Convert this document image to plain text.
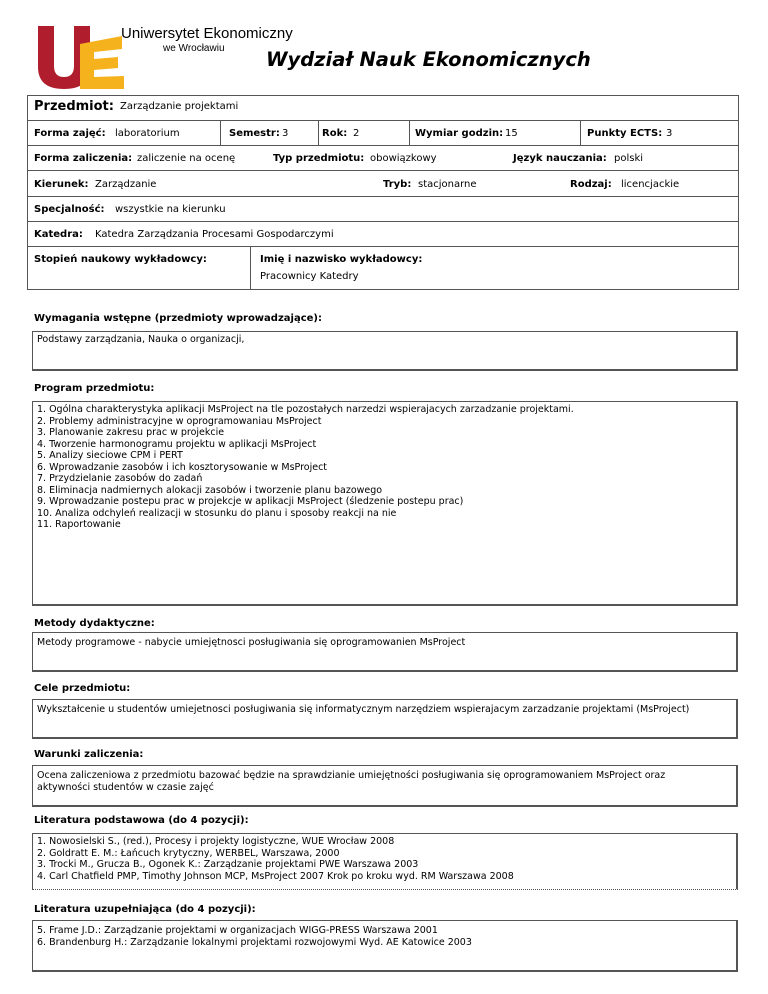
Uniwersytet Ekonomiczny
we Wrocławiu Wydział Nauk Ekonomicznych
Przedmiot: Zarządzanie projektami
Forma zajęć: laboratorium	Semestr: 3	Rok: 2	Wymiar godzin: 15	Punkty ECTS: 3
Forma zaliczenia: zaliczenie na ocenę	Typ przedmiotu: obowiązkowy	Język nauczania: polski
Kierunek: Zarządzanie	Tryb: stacjonarne	Rodzaj: licencjackie
Specjalność: wszystkie na kierunku
Katedra: Katedra Zarządzania Procesami Gospodarczymi
Stopień naukowy wykładowcy:	Imię i nazwisko wykładowcy:
Pracownicy Katedry
Wymagania wstępne (przedmioty wprowadzające):
Podstawy zarządzania, Nauka o organizacji,
Program przedmiotu:
1. Ogólna charakterystyka aplikacji MsProject na tle pozostałych narzedzi wspierajacych zarzadzanie projektami.
2. Problemy administracyjne w oprogramowaniau MsProject
3. Planowanie zakresu prac w projekcie
4. Tworzenie harmonogramu projektu w aplikacji MsProject
5. Analizy sieciowe CPM i PERT
6. Wprowadzanie zasobów i ich kosztorysowanie w MsProject
7. Przydzielanie zasobów do zadań
8. Eliminacja nadmiernych alokacji zasobów i tworzenie planu bazowego
9. Wprowadzanie postepu prac w projekcje w aplikacji MsProject (śledzenie postepu prac)
10. Analiza odchyleń realizacji w stosunku do planu i sposoby reakcji na nie
11. Raportowanie
Metody dydaktyczne:
Metody programowe - nabycie umiejętnosci posługiwania się oprogramowanien MsProject
Cele przedmiotu:
Wykształcenie u studentów umiejetnosci posługiwania się informatycznym narzędziem wspierajacym zarzadzanie projektami (MsProject)
Warunki zaliczenia:
Ocena zaliczeniowa z przedmiotu bazować będzie na sprawdzianie umiejętności posługiwania się oprogramowaniem MsProject oraz aktywności studentów w czasie zajęć
Literatura podstawowa (do 4 pozycji):
1. Nowosielski S., (red.), Procesy i projekty logistyczne, WUE Wrocław 2008
2. Goldratt E. M.: Łańcuch krytyczny, WERBEL, Warszawa, 2000
3. Trocki M., Grucza B., Ogonek K.: Zarządzanie projektami PWE Warszawa 2003
4. Carl Chatfield PMP, Timothy Johnson MCP, MsProject 2007 Krok po kroku wyd. RM Warszawa 2008
Literatura uzupełniająca (do 4 pozycji):
5. Frame J.D.: Zarządzanie projektami w organizacjach WIGG-PRESS Warszawa 2001
6. Brandenburg H.: Zarządzanie lokalnymi projektami rozwojowymi Wyd. AE Katowice 2003
